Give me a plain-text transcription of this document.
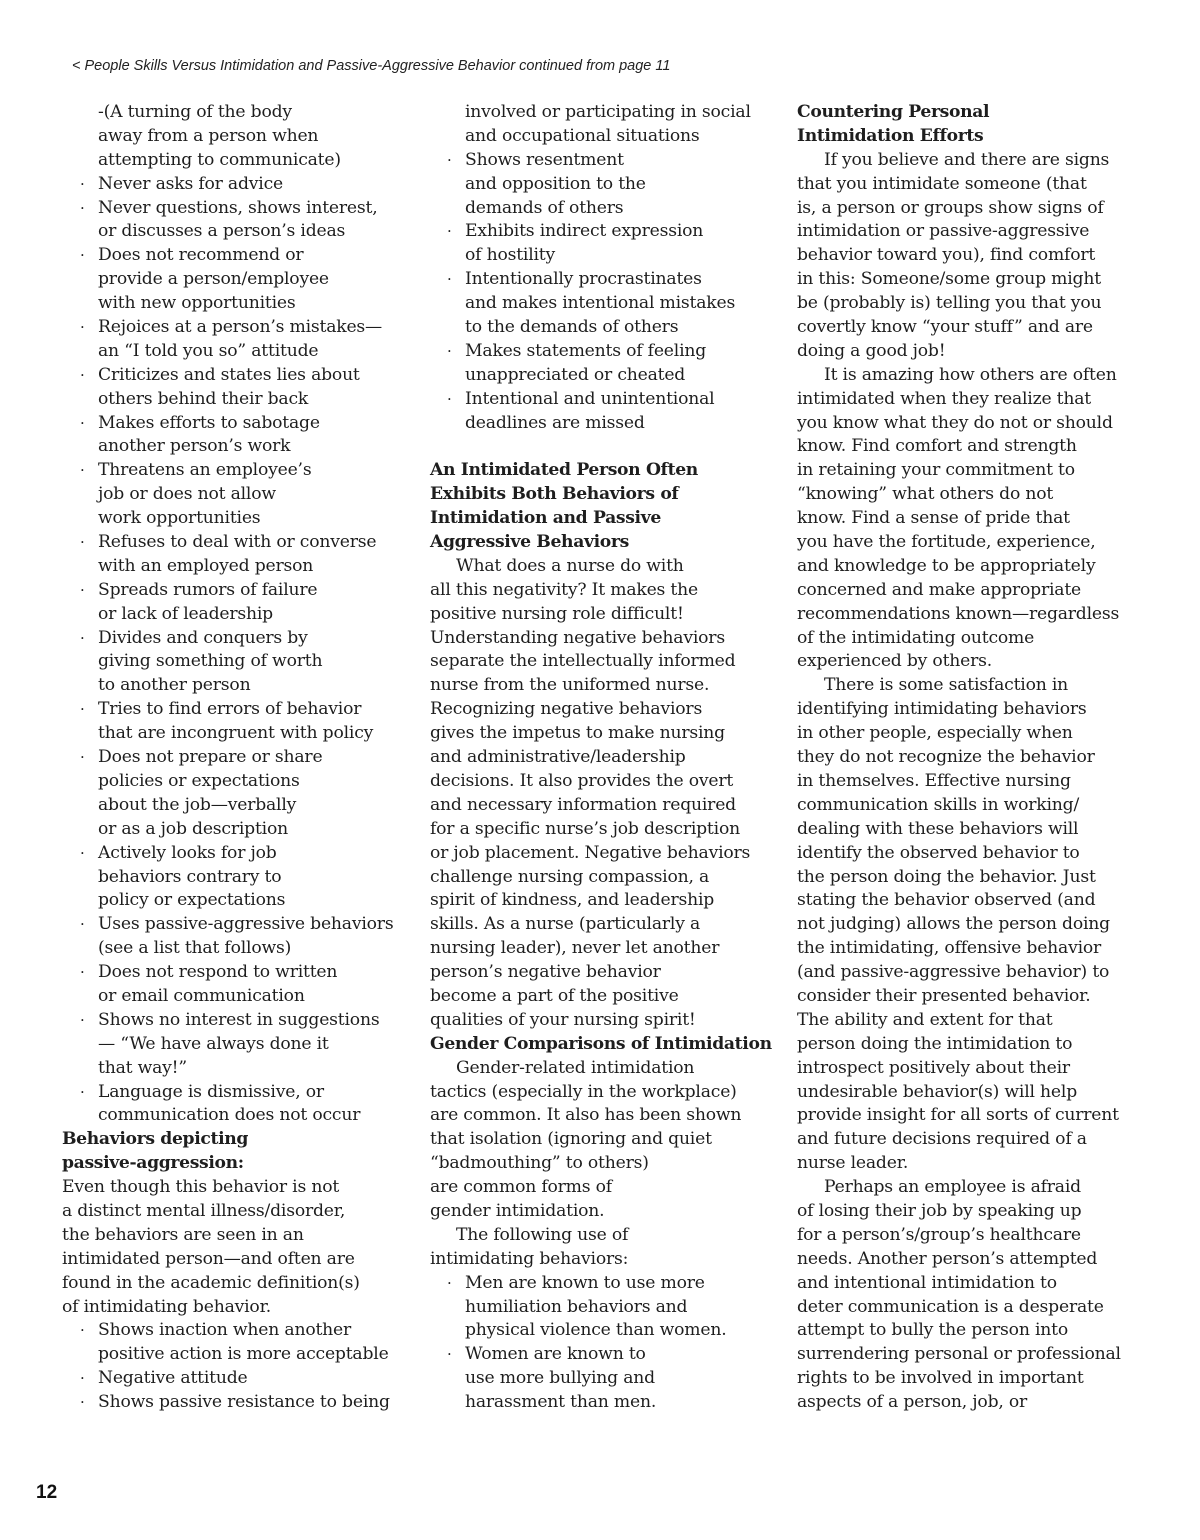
< People Skills Versus Intimidation and Passive-Aggressive Behavior continued from page 11
-(A turning of the body
away from a person when
attempting to communicate)
· Never asks for advice
· Never questions, shows interest,
or discusses a person’s ideas
· Does not recommend or
provide a person/employee
with new opportunities
· Rejoices at a person’s mistakes—
an “I told you so” attitude
· Criticizes and states lies about
others behind their back
· Makes efforts to sabotage
another person’s work
· Threatens an employee’s
job or does not allow
work opportunities
· Refuses to deal with or converse
with an employed person
· Spreads rumors of failure
or lack of leadership
· Divides and conquers by
giving something of worth
to another person
· Tries to find errors of behavior
that are incongruent with policy
· Does not prepare or share
policies or expectations
about the job—verbally
or as a job description
· Actively looks for job
behaviors contrary to
policy or expectations
· Uses passive-aggressive behaviors
(see a list that follows)
· Does not respond to written
or email communication
· Shows no interest in suggestions
— “We have always done it
that way!”
· Language is dismissive, or
communication does not occur
Behaviors depicting
passive-aggression:
Even though this behavior is not
a distinct mental illness/disorder,
the behaviors are seen in an
intimidated person—and often are
found in the academic definition(s)
of intimidating behavior.
· Shows inaction when another
positive action is more acceptable
· Negative attitude
· Shows passive resistance to being
involved or participating in social
and occupational situations
· Shows resentment
and opposition to the
demands of others
· Exhibits indirect expression
of hostility
· Intentionally procrastinates
and makes intentional mistakes
to the demands of others
· Makes statements of feeling
unappreciated or cheated
· Intentional and unintentional
deadlines are missed
An Intimidated Person Often
Exhibits Both Behaviors of
Intimidation and Passive
Aggressive Behaviors
What does a nurse do with
all this negativity? It makes the
positive nursing role difficult!
Understanding negative behaviors
separate the intellectually informed
nurse from the uniformed nurse.
Recognizing negative behaviors
gives the impetus to make nursing
and administrative/leadership
decisions. It also provides the overt
and necessary information required
for a specific nurse’s job description
or job placement. Negative behaviors
challenge nursing compassion, a
spirit of kindness, and leadership
skills. As a nurse (particularly a
nursing leader), never let another
person’s negative behavior
become a part of the positive
qualities of your nursing spirit!
Gender Comparisons of Intimidation
Gender-related intimidation
tactics (especially in the workplace)
are common. It also has been shown
that isolation (ignoring and quiet
“badmouthing” to others)
are common forms of
gender intimidation.
The following use of
intimidating behaviors:
· Men are known to use more
humiliation behaviors and
physical violence than women.
· Women are known to
use more bullying and
harassment than men.
Countering Personal
Intimidation Efforts
If you believe and there are signs
that you intimidate someone (that
is, a person or groups show signs of
intimidation or passive-aggressive
behavior toward you), find comfort
in this: Someone/some group might
be (probably is) telling you that you
covertly know “your stuff” and are
doing a good job!
It is amazing how others are often
intimidated when they realize that
you know what they do not or should
know. Find comfort and strength
in retaining your commitment to
“knowing” what others do not
know. Find a sense of pride that
you have the fortitude, experience,
and knowledge to be appropriately
concerned and make appropriate
recommendations known—regardless
of the intimidating outcome
experienced by others.
There is some satisfaction in
identifying intimidating behaviors
in other people, especially when
they do not recognize the behavior
in themselves. Effective nursing
communication skills in working/
dealing with these behaviors will
identify the observed behavior to
the person doing the behavior. Just
stating the behavior observed (and
not judging) allows the person doing
the intimidating, offensive behavior
(and passive-aggressive behavior) to
consider their presented behavior.
The ability and extent for that
person doing the intimidation to
introspect positively about their
undesirable behavior(s) will help
provide insight for all sorts of current
and future decisions required of a
nurse leader.
Perhaps an employee is afraid
of losing their job by speaking up
for a person’s/group’s healthcare
needs. Another person’s attempted
and intentional intimidation to
deter communication is a desperate
attempt to bully the person into
surrendering personal or professional
rights to be involved in important
aspects of a person, job, or
12
